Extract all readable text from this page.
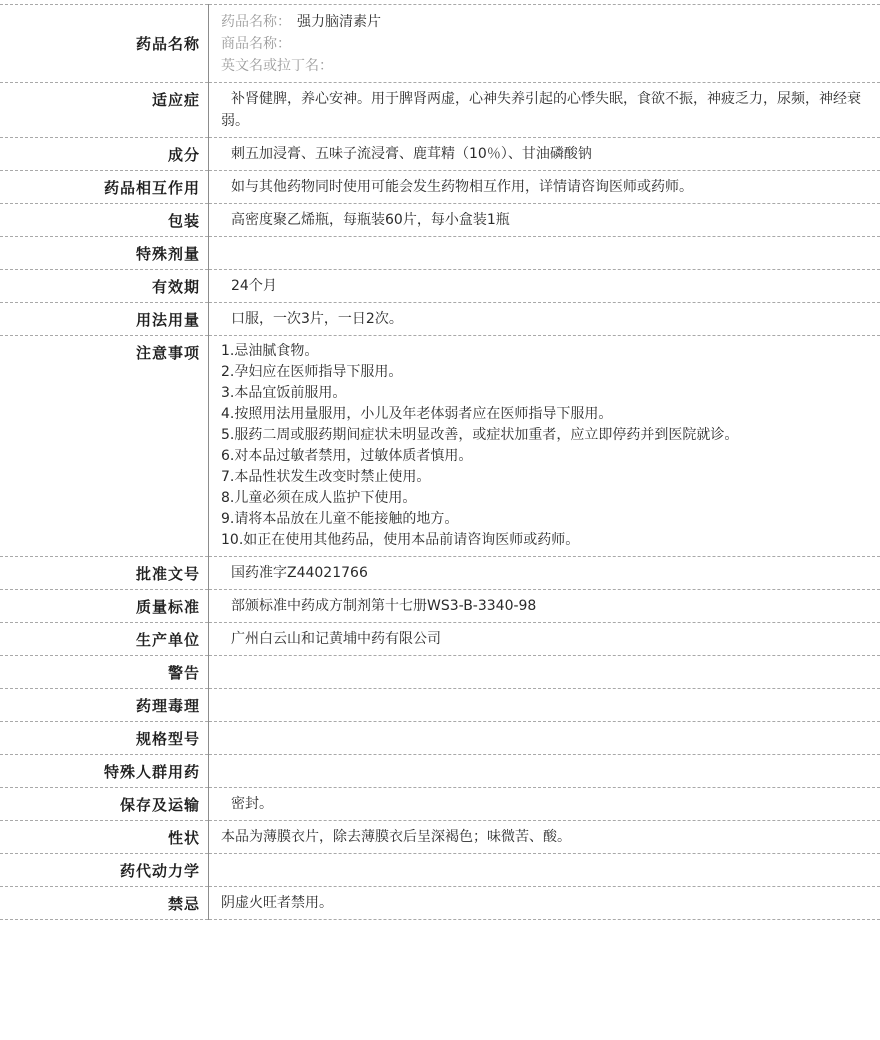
药品名称	药品名称： 强力脑清素片
商品名称：
英文名或拉丁名：

适应症	补肾健脾，养心安神。用于脾肾两虚，心神失养引起的心悸失眠，食欲不振，神疲乏力，尿频，神经衰弱。

成分	刺五加浸膏、五味子流浸膏、鹿茸精（10％）、甘油磷酸钠

药品相互作用	如与其他药物同时使用可能会发生药物相互作用，详情请咨询医师或药师。

包装	高密度聚乙烯瓶，每瓶装60片，每小盒装1瓶

特殊剂量	

有效期	24个月

用法用量	口服，一次3片，一日2次。

注意事项	1.忌油腻食物。
2.孕妇应在医师指导下服用。
3.本品宜饭前服用。
4.按照用法用量服用，小儿及年老体弱者应在医师指导下服用。
5.服药二周或服药期间症状未明显改善，或症状加重者，应立即停药并到医院就诊。
6.对本品过敏者禁用，过敏体质者慎用。
7.本品性状发生改变时禁止使用。
8.儿童必须在成人监护下使用。
9.请将本品放在儿童不能接触的地方。
10.如正在使用其他药品，使用本品前请咨询医师或药师。

批准文号	国药准字Z44021766

质量标准	部颁标准中药成方制剂第十七册WS3-B-3340-98

生产单位	广州白云山和记黄埔中药有限公司

警告	

药理毒理	

规格型号	

特殊人群用药	

保存及运输	密封。

性状	本品为薄膜衣片，除去薄膜衣后呈深褐色；味微苦、酸。

药代动力学	

禁忌	阴虚火旺者禁用。
